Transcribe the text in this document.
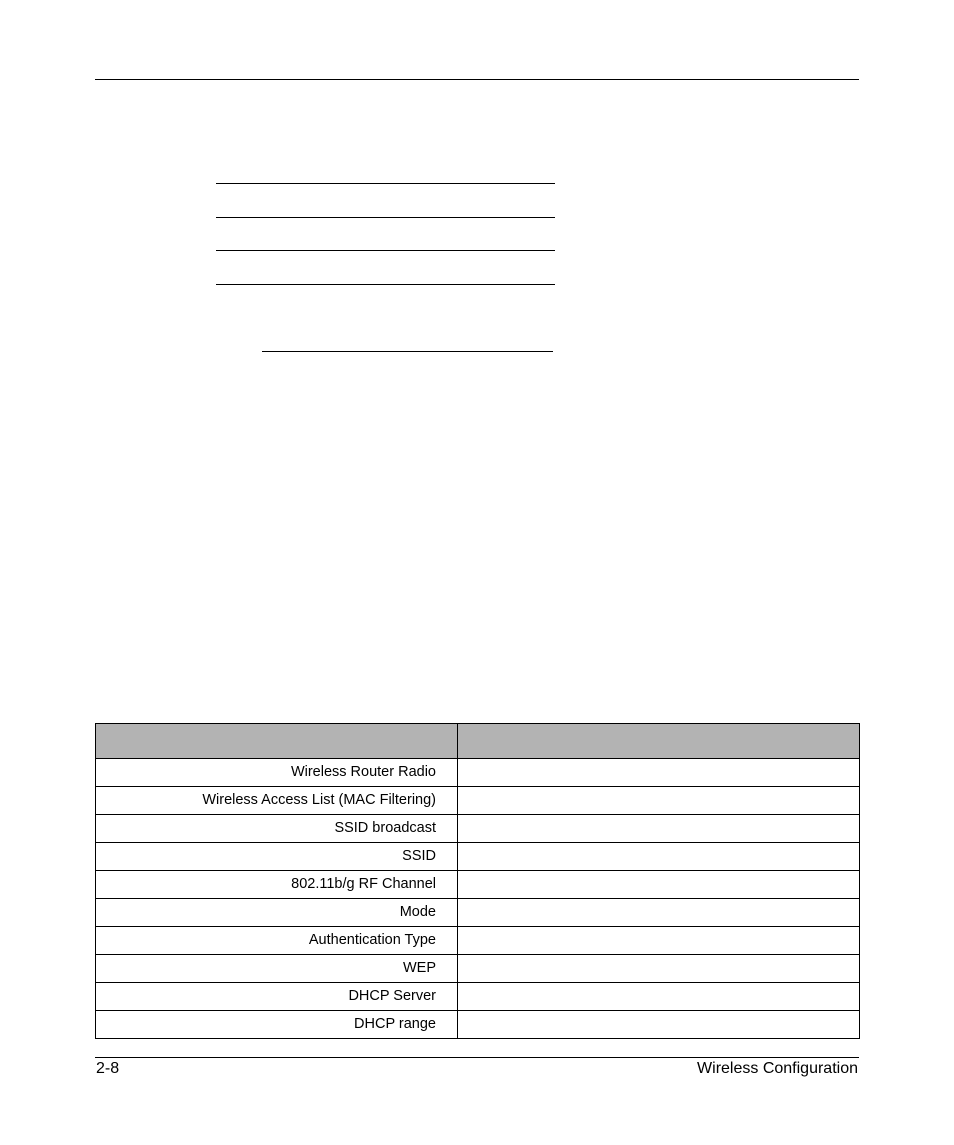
Wireless Router Radio	
Wireless Access List (MAC Filtering)	
SSID broadcast	
SSID	
802.11b/g RF Channel	
Mode	
Authentication Type	
WEP	
DHCP Server	
DHCP range	
2-8	Wireless Configuration
